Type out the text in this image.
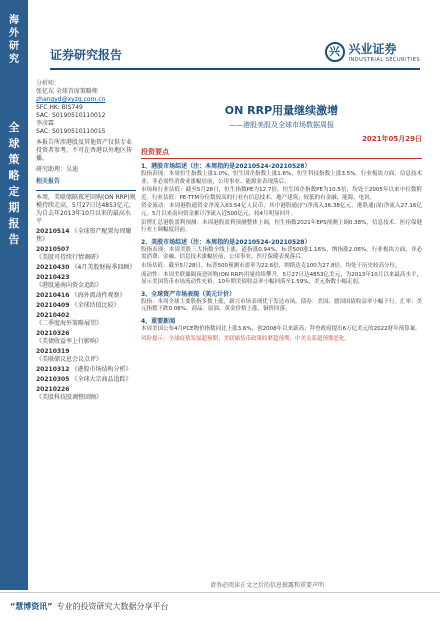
海外研究
全球策略定期报告
证券研究报告	兴 兴业证券
INDUSTRIAL SECURITIES
分析师：
张忆东 全球首席策略师
zhangyd@xyzq.com.cn
SFC HK: BIS749
SAC: S0190510110012
李彦霖
SAC: S0190510110015
本报告所涉港股及其他资产仅供专业投资者参考，不可在香港以外地区传播。
研究助理：吴迪
相关报告
本周，美联储隔夜逆回购(ON RRP)规模持续走高，5月27日达4853亿元，为自去年2013年10月以来的最高水平
20210514 《全球资产配置每周聚焦》
20210507 《美股可持续行情调研》
20210430 《4月美股财报季回顾》
20210423 《港股通南向资金追踪》
20210416 《海外流动性观察》
20210409 《全球估值比较》
20210402 《二季度海外策略展望》
20210326 《美债收益率上行影响》
20210319 《美联储议息会议点评》
20210312 《港股市场结构分析》
20210305 《全球大宗商品追踪》
20210226 《美股科技股调整回顾》
ON RRP用量继续激增
——港股美股及全球市场数据周报
2021年05月29日
投资要点
1、港股市场综述（注：本周指的是20210524-20210528）
股指表现：本周恒生指数上涨1.0%，恒生国企指数上涨1.6%，恒生科技指数上涨3.5%。行业板块方面，信息技术业、非必需性消费业涨幅居前，公用事业、能源业表现落后。
市场和行业估值：截至5月28日，恒生指数PE为12.7倍，恒生国企指数PE为10.5倍，均处于2005年以来中位数附近。行业估值：PE-TTM分位数较高的行业有信息技术、地产建筑；较低的有金融、能源、电讯。
资金流动：本周港股通资金净流入63.54亿人民币，其中港股通(沪)净流入36.38亿元，港股通(深)净流入27.16亿元。5月以来南向资金累计净流入近500亿元，较4月明显回升。
彭博汇总港股盈利预测：本周港股盈利预测整体上调，恒生指数2021年EPS预测上调0.38%，信息技术、医疗保健行业上调幅度居前。
2、美股市场综述（注：本周指的是20210524-20210528）
股指表现：本周美股三大指数全线上涨，道指涨0.94%，标普500涨1.16%，纳指涨2.06%。行业板块方面，非必需消费、金融、信息技术涨幅居前，公用事业、医疗保健表现落后。
市场估值：截至5月28日，标普500预测市盈率为22.6倍，纳斯达克100为27.8倍，均处于历史较高分位。
流动性：本周美联储隔夜逆回购(ON RRP)用量持续攀升，5月27日达4853亿美元，为2013年10月以来最高水平，显示美国货币市场流动性充裕。10年期美债收益率小幅回落至1.59%，美元指数小幅走弱。
3、全球资产市场表现（美元计价）
股指：本周全球主要股指多数上涨，新兴市场表现优于发达市场。债券：美国、德国国债收益率小幅下行。汇率：美元指数下跌0.08%。商品：原油、黄金价格上涨，铜价回落。
4、重要新闻
本周美国公布4月PCE物价指数同比上涨3.6%，创2008年以来新高；拜登政府提出6万亿美元的2022财年预算案。
风险提示：全球疫情发展超预期；美联储货币政策收紧超预期；中美关系超预期恶化。
请务必阅读正文之后的信息披露和重要声明
“慧博资讯” 专业的投资研究大数据分享平台
